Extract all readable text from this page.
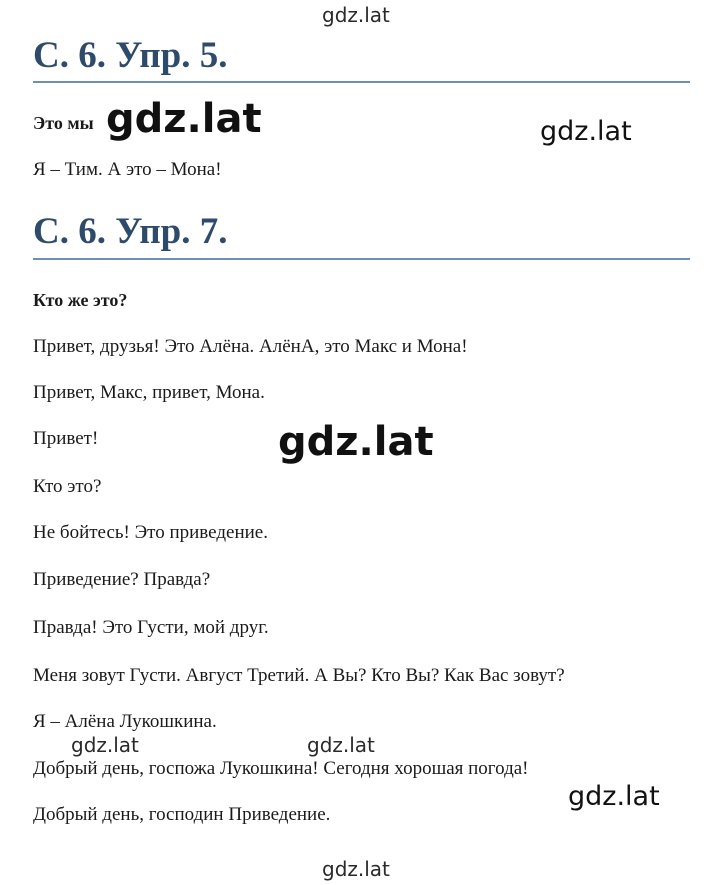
gdz.lat
С. 6. Упр. 5.
Это мы gdz.lat	gdz.lat
Я – Тим. А это – Мона!
С. 6. Упр. 7.
Кто же это?
Привет, друзья! Это Алёна. АлёнА, это Макс и Мона!
Привет, Макс, привет, Мона.
Привет!	gdz.lat
Кто это?
Не бойтесь! Это приведение.
Приведение? Правда?
Правда! Это Густи, мой друг.
Меня зовут Густи. Август Третий. А Вы? Кто Вы? Как Вас зовут?
Я – Алёна Лукошкина.
gdz.lat	gdz.lat
Добрый день, госпожа Лукошкина! Сегодня хорошая погода!
gdz.lat
Добрый день, господин Приведение.
gdz.lat
